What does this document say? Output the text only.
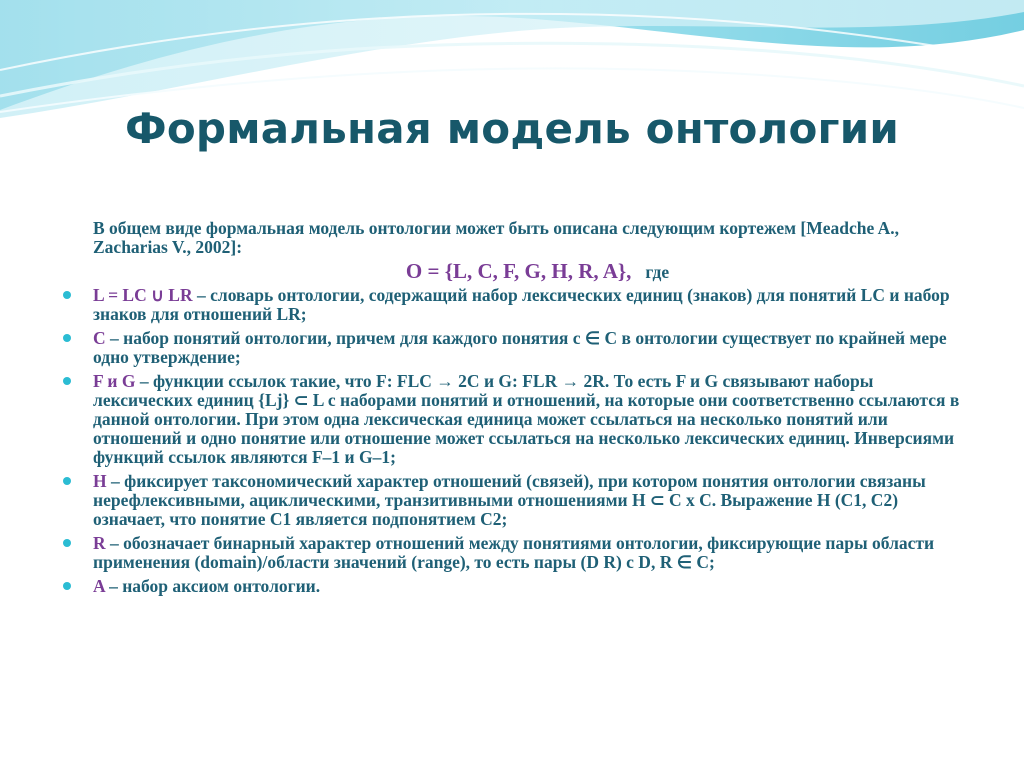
Формальная модель онтологии

В общем виде формальная модель онтологии может быть описана следующим кортежем [Meadche A., Zacharias V., 2002]:

O = {L, C, F, G, H, R, A}, где
L = LC ∪ LR – словарь онтологии, содержащий набор лексических единиц (знаков) для понятий LC и набор знаков для отношений LR;
C – набор понятий онтологии, причем для каждого понятия c ∈ C в онтологии существует по крайней мере одно утверждение;
F и G – функции ссылок такие, что F: FLC → 2C и G: FLR → 2R. То есть F и G связывают наборы лексических единиц {Lj} ⊂ L с наборами понятий и отношений, на которые они соответственно ссылаются в данной онтологии. При этом одна лексическая единица может ссылаться на несколько понятий или отношений и одно понятие или отношение может ссылаться на несколько лексических единиц. Инверсиями функций ссылок являются F–1 и G–1;
H – фиксирует таксономический характер отношений (связей), при котором понятия онтологии связаны нерефлексивными, ациклическими, транзитивными отношениями H ⊂ C x C. Выражение H (C1, C2) означает, что понятие C1 является подпонятием C2;
R – обозначает бинарный характер отношений между понятиями онтологии, фиксирующие пары области применения (domain)/области значений (range), то есть пары (D R) с D, R ∈ C;
A – набор аксиом онтологии.
